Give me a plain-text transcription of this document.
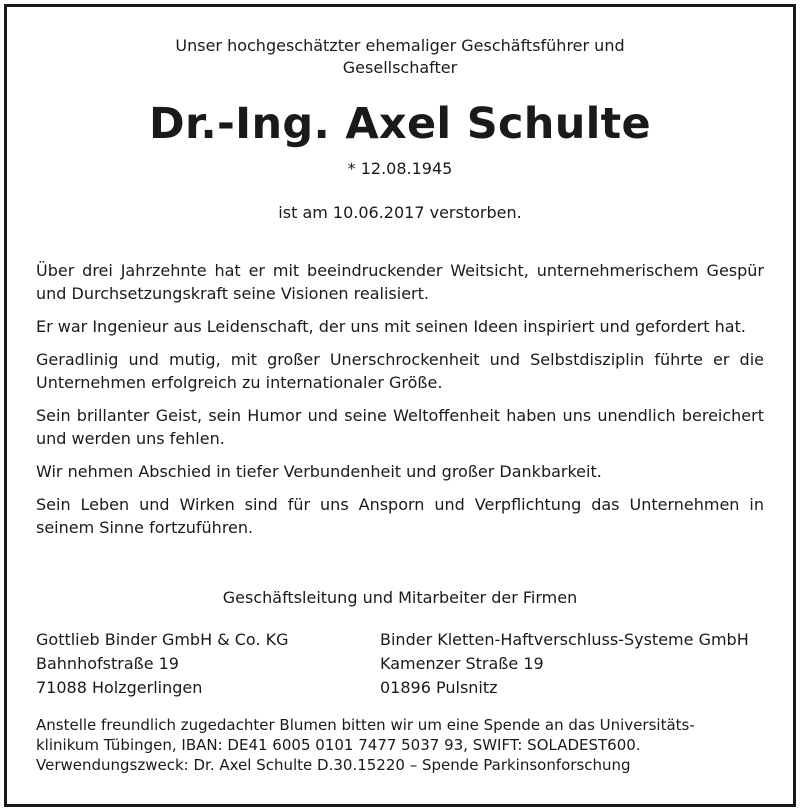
Unser hochgeschätzter ehemaliger Geschäftsführer und Gesellschafter
Dr.-Ing. Axel Schulte
* 12.08.1945
ist am 10.06.2017 verstorben.

Über drei Jahrzehnte hat er mit beeindruckender Weitsicht, unternehmerischem Gespür und Durchsetzungskraft seine Visionen realisiert.

Er war Ingenieur aus Leidenschaft, der uns mit seinen Ideen inspiriert und gefordert hat.

Geradlinig und mutig, mit großer Unerschrockenheit und Selbstdisziplin führte er die Unternehmen erfolgreich zu internationaler Größe.

Sein brillanter Geist, sein Humor und seine Weltoffenheit haben uns unendlich bereichert und werden uns fehlen.

Wir nehmen Abschied in tiefer Verbundenheit und großer Dankbarkeit.

Sein Leben und Wirken sind für uns Ansporn und Verpflichtung das Unternehmen in seinem Sinne fortzuführen.

Geschäftsleitung und Mitarbeiter der Firmen
Gottlieb Binder GmbH & Co. KG
Bahnhofstraße 19
71088 Holzgerlingen
Binder Kletten-Haftverschluss-Systeme GmbH
Kamenzer Straße 19
01896 Pulsnitz
Anstelle freundlich zugedachter Blumen bitten wir um eine Spende an das Universitäts-
klinikum Tübingen, IBAN: DE41 6005 0101 7477 5037 93, SWIFT: SOLADEST600.
Verwendungszweck: Dr. Axel Schulte D.30.15220 – Spende Parkinsonforschung
